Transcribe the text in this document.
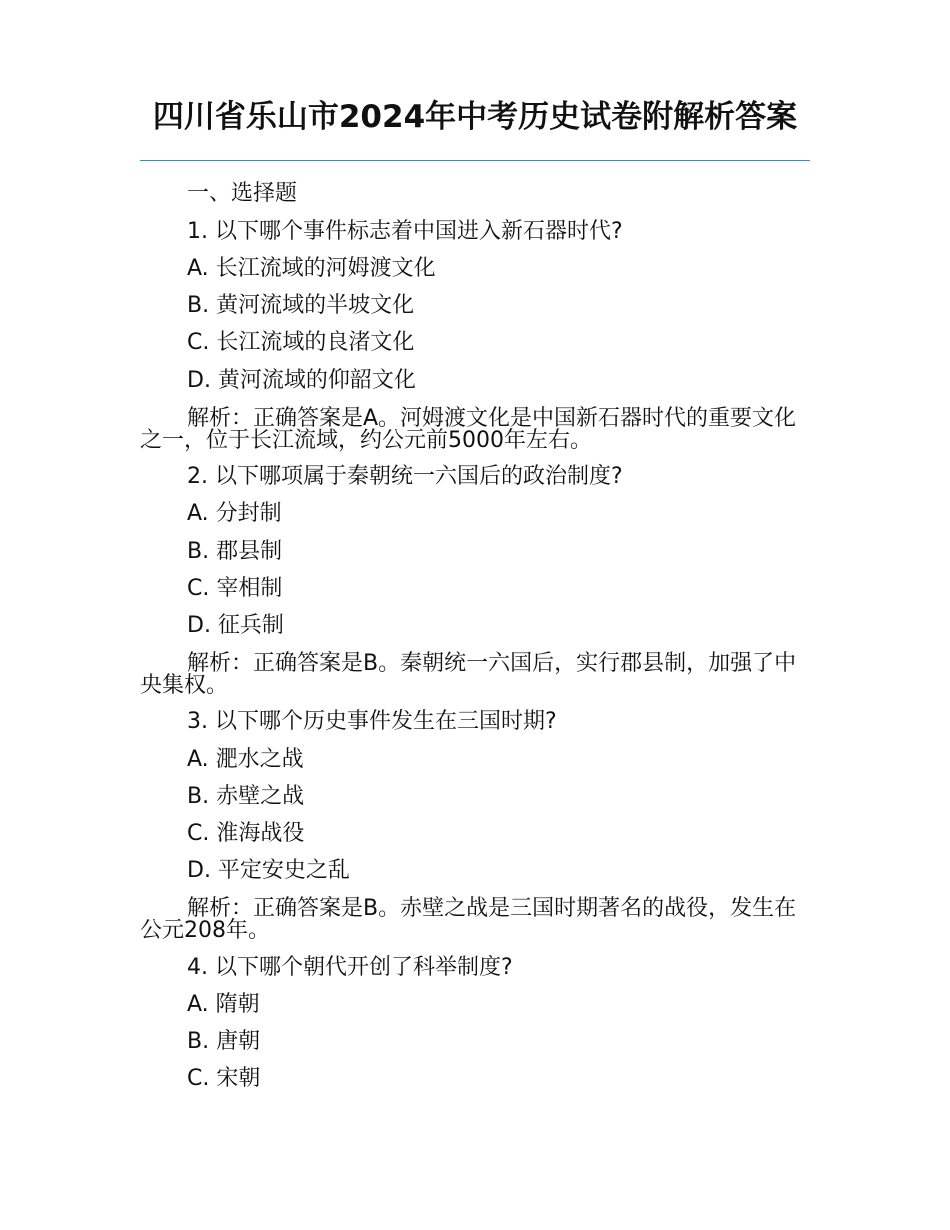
四川省乐山市2024年中考历史试卷附解析答案
一、选择题
1. 以下哪个事件标志着中国进入新石器时代?
A. 长江流域的河姆渡文化
B. 黄河流域的半坡文化
C. 长江流域的良渚文化
D. 黄河流域的仰韶文化
解析：正确答案是A。河姆渡文化是中国新石器时代的重要文化之一，位于长江流域，约公元前5000年左右。
2. 以下哪项属于秦朝统一六国后的政治制度?
A. 分封制
B. 郡县制
C. 宰相制
D. 征兵制
解析：正确答案是B。秦朝统一六国后，实行郡县制，加强了中央集权。
3. 以下哪个历史事件发生在三国时期?
A. 淝水之战
B. 赤壁之战
C. 淮海战役
D. 平定安史之乱
解析：正确答案是B。赤壁之战是三国时期著名的战役，发生在公元208年。
4. 以下哪个朝代开创了科举制度?
A. 隋朝
B. 唐朝
C. 宋朝
